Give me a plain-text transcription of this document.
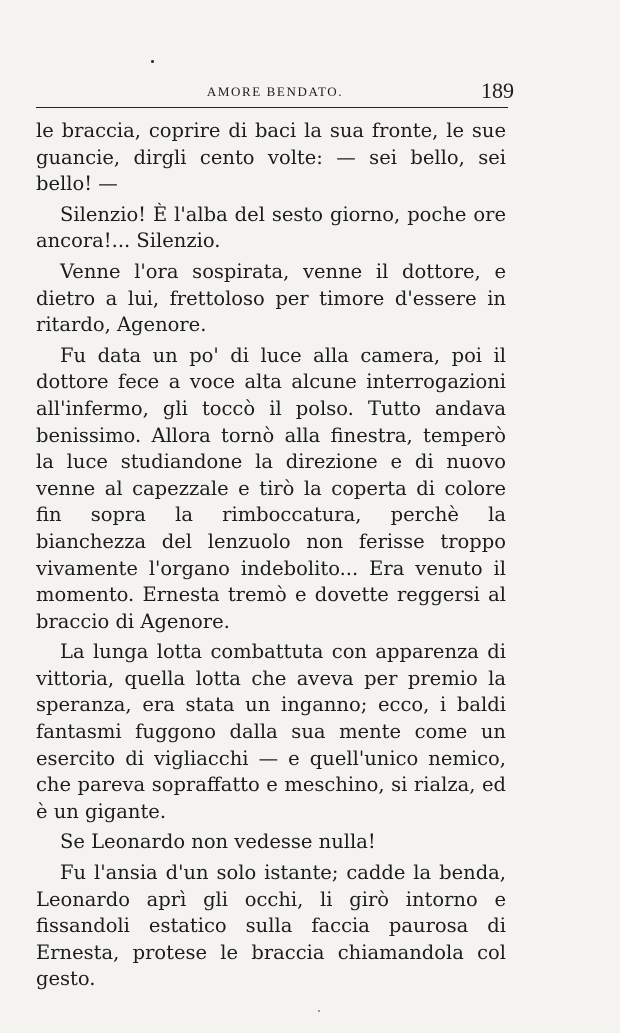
AMORE BENDATO.	189

le braccia, coprire di baci la sua fronte, le sue guancie, dirgli cento volte: — sei bello, sei bello! —

Silenzio! È l'alba del sesto giorno, poche ore ancora!... Silenzio.

Venne l'ora sospirata, venne il dottore, e dietro a lui, frettoloso per timore d'essere in ritardo, Agenore.

Fu data un po' di luce alla camera, poi il dottore fece a voce alta alcune interrogazioni all'infermo, gli toccò il polso. Tutto andava benissimo. Allora tornò alla finestra, temperò la luce studiandone la direzione e di nuovo venne al capezzale e tirò la coperta di colore fin sopra la rimboccatura, perchè la bianchezza del lenzuolo non ferisse troppo vivamente l'organo indebolito... Era venuto il momento. Ernesta tremò e dovette reggersi al braccio di Agenore.

La lunga lotta combattuta con apparenza di vittoria, quella lotta che aveva per premio la speranza, era stata un inganno; ecco, i baldi fantasmi fuggono dalla sua mente come un esercito di vigliacchi — e quell'unico nemico, che pareva sopraffatto e meschino, si rialza, ed è un gigante.

Se Leonardo non vedesse nulla!

Fu l'ansia d'un solo istante; cadde la benda, Leonardo aprì gli occhi, li girò intorno e fissandoli estatico sulla faccia paurosa di Ernesta, protese le braccia chiamandola col gesto.
